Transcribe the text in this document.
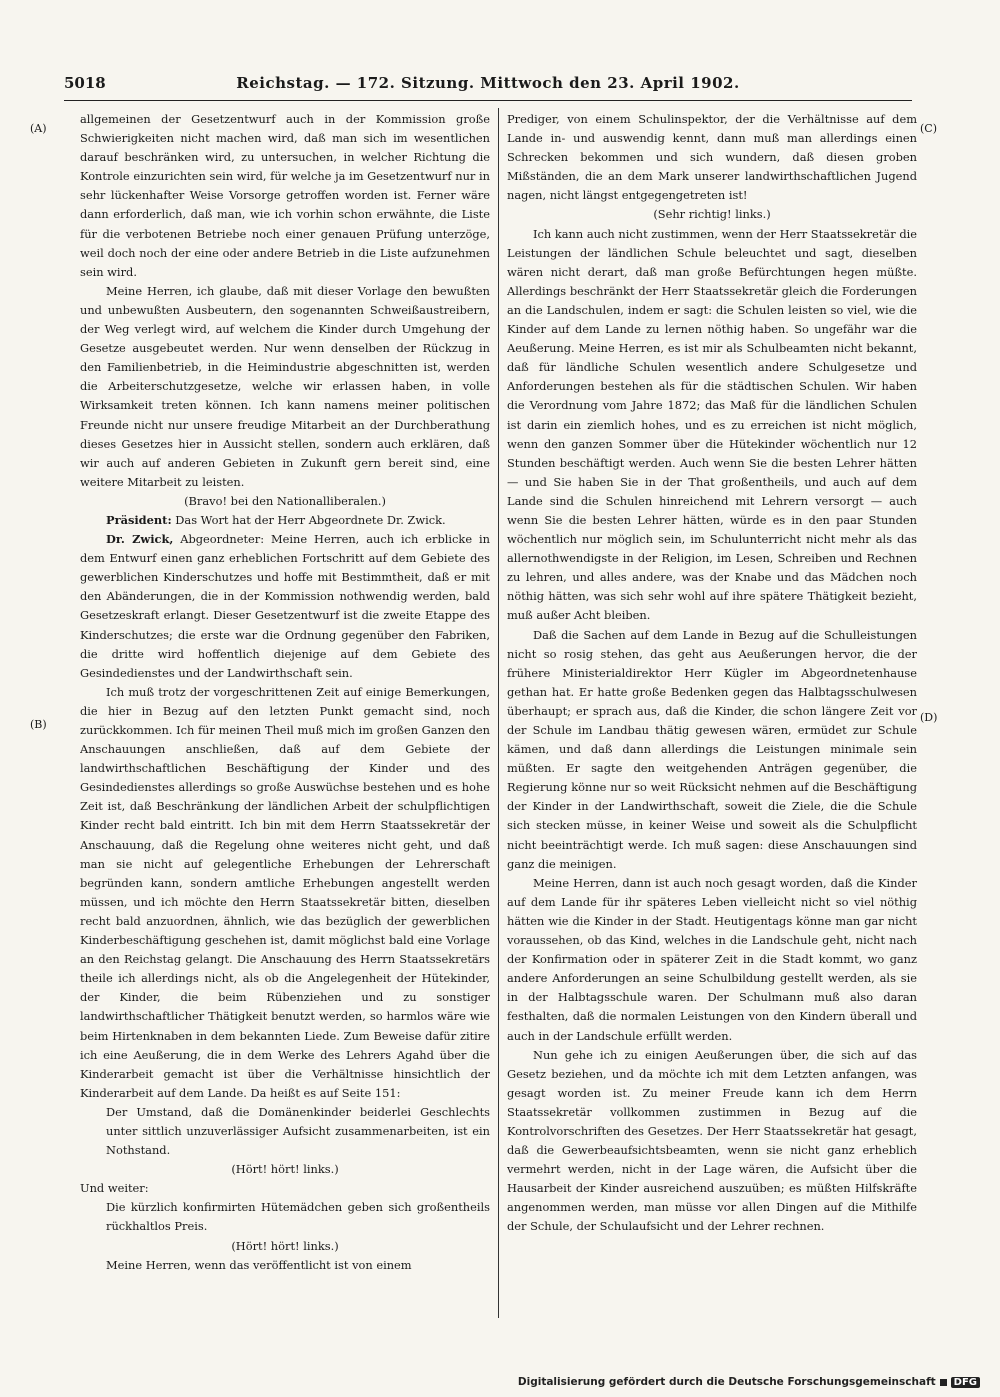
5018	Reichstag. — 172. Sitzung. Mittwoch den 23. April 1902.
(A)
(B)
(C)
(D)

allgemeinen der Gesetzentwurf auch in der Kommission große Schwierigkeiten nicht machen wird, daß man sich im wesentlichen darauf beschränken wird, zu untersuchen, in welcher Richtung die Kontrole einzurichten sein wird, für welche ja im Gesetzentwurf nur in sehr lückenhafter Weise Vorsorge getroffen worden ist. Ferner wäre dann erforderlich, daß man, wie ich vorhin schon erwähnte, die Liste für die verbotenen Betriebe noch einer genauen Prüfung unterzöge, weil doch noch der eine oder andere Betrieb in die Liste aufzunehmen sein wird.

Meine Herren, ich glaube, daß mit dieser Vorlage den bewußten und unbewußten Ausbeutern, den sogenannten Schweißaustreibern, der Weg verlegt wird, auf welchem die Kinder durch Umgehung der Gesetze ausgebeutet werden. Nur wenn denselben der Rückzug in den Familienbetrieb, in die Heimindustrie abgeschnitten ist, werden die Arbeiterschutzgesetze, welche wir erlassen haben, in volle Wirksamkeit treten können. Ich kann namens meiner politischen Freunde nicht nur unsere freudige Mitarbeit an der Durchberathung dieses Gesetzes hier in Aussicht stellen, sondern auch erklären, daß wir auch auf anderen Gebieten in Zukunft gern bereit sind, eine weitere Mitarbeit zu leisten.

(Bravo! bei den Nationalliberalen.)

Präsident: Das Wort hat der Herr Abgeordnete Dr. Zwick.

Dr. Zwick, Abgeordneter: Meine Herren, auch ich erblicke in dem Entwurf einen ganz erheblichen Fortschritt auf dem Gebiete des gewerblichen Kinderschutzes und hoffe mit Bestimmtheit, daß er mit den Abänderungen, die in der Kommission nothwendig werden, bald Gesetzeskraft erlangt. Dieser Gesetzentwurf ist die zweite Etappe des Kinderschutzes; die erste war die Ordnung gegenüber den Fabriken, die dritte wird hoffentlich diejenige auf dem Gebiete des Gesindedienstes und der Landwirthschaft sein.

Ich muß trotz der vorgeschrittenen Zeit auf einige Bemerkungen, die hier in Bezug auf den letzten Punkt gemacht sind, noch zurückkommen. Ich für meinen Theil muß mich im großen Ganzen den Anschauungen anschließen, daß auf dem Gebiete der landwirthschaftlichen Beschäftigung der Kinder und des Gesindedienstes allerdings so große Auswüchse bestehen und es hohe Zeit ist, daß Beschränkung der ländlichen Arbeit der schulpflichtigen Kinder recht bald eintritt. Ich bin mit dem Herrn Staatssekretär der Anschauung, daß die Regelung ohne weiteres nicht geht, und daß man sie nicht auf gelegentliche Erhebungen der Lehrerschaft begründen kann, sondern amtliche Erhebungen angestellt werden müssen, und ich möchte den Herrn Staatssekretär bitten, dieselben recht bald anzuordnen, ähnlich, wie das bezüglich der gewerblichen Kinderbeschäftigung geschehen ist, damit möglichst bald eine Vorlage an den Reichstag gelangt. Die Anschauung des Herrn Staatssekretärs theile ich allerdings nicht, als ob die Angelegenheit der Hütekinder, der Kinder, die beim Rübenziehen und zu sonstiger landwirthschaftlicher Thätigkeit benutzt werden, so harmlos wäre wie beim Hirtenknaben in dem bekannten Liede. Zum Beweise dafür zitire ich eine Aeußerung, die in dem Werke des Lehrers Agahd über die Kinderarbeit gemacht ist über die Verhältnisse hinsichtlich der Kinderarbeit auf dem Lande. Da heißt es auf Seite 151:

Der Umstand, daß die Domänenkinder beiderlei Geschlechts unter sittlich unzuverlässiger Aufsicht zusammenarbeiten, ist ein Nothstand.

(Hört! hört! links.)

Und weiter:

Die kürzlich konfirmirten Hütemädchen geben sich großentheils rückhaltlos Preis.

(Hört! hört! links.)

Meine Herren, wenn das veröffentlicht ist von einem

Prediger, von einem Schulinspektor, der die Verhältnisse auf dem Lande in- und auswendig kennt, dann muß man allerdings einen Schrecken bekommen und sich wundern, daß diesen groben Mißständen, die an dem Mark unserer landwirthschaftlichen Jugend nagen, nicht längst entgegengetreten ist!

(Sehr richtig! links.)

Ich kann auch nicht zustimmen, wenn der Herr Staatssekretär die Leistungen der ländlichen Schule beleuchtet und sagt, dieselben wären nicht derart, daß man große Befürchtungen hegen müßte. Allerdings beschränkt der Herr Staatssekretär gleich die Forderungen an die Landschulen, indem er sagt: die Schulen leisten so viel, wie die Kinder auf dem Lande zu lernen nöthig haben. So ungefähr war die Aeußerung. Meine Herren, es ist mir als Schulbeamten nicht bekannt, daß für ländliche Schulen wesentlich andere Schulgesetze und Anforderungen bestehen als für die städtischen Schulen. Wir haben die Verordnung vom Jahre 1872; das Maß für die ländlichen Schulen ist darin ein ziemlich hohes, und es zu erreichen ist nicht möglich, wenn den ganzen Sommer über die Hütekinder wöchentlich nur 12 Stunden beschäftigt werden. Auch wenn Sie die besten Lehrer hätten — und Sie haben Sie in der That großentheils, und auch auf dem Lande sind die Schulen hinreichend mit Lehrern versorgt — auch wenn Sie die besten Lehrer hätten, würde es in den paar Stunden wöchentlich nur möglich sein, im Schulunterricht nicht mehr als das allernothwendigste in der Religion, im Lesen, Schreiben und Rechnen zu lehren, und alles andere, was der Knabe und das Mädchen noch nöthig hätten, was sich sehr wohl auf ihre spätere Thätigkeit bezieht, muß außer Acht bleiben.

Daß die Sachen auf dem Lande in Bezug auf die Schulleistungen nicht so rosig stehen, das geht aus Aeußerungen hervor, die der frühere Ministerialdirektor Herr Kügler im Abgeordnetenhause gethan hat. Er hatte große Bedenken gegen das Halbtagsschulwesen überhaupt; er sprach aus, daß die Kinder, die schon längere Zeit vor der Schule im Landbau thätig gewesen wären, ermüdet zur Schule kämen, und daß dann allerdings die Leistungen minimale sein müßten. Er sagte den weitgehenden Anträgen gegenüber, die Regierung könne nur so weit Rücksicht nehmen auf die Beschäftigung der Kinder in der Landwirthschaft, soweit die Ziele, die die Schule sich stecken müsse, in keiner Weise und soweit als die Schulpflicht nicht beeinträchtigt werde. Ich muß sagen: diese Anschauungen sind ganz die meinigen.

Meine Herren, dann ist auch noch gesagt worden, daß die Kinder auf dem Lande für ihr späteres Leben vielleicht nicht so viel nöthig hätten wie die Kinder in der Stadt. Heutigentags könne man gar nicht voraussehen, ob das Kind, welches in die Landschule geht, nicht nach der Konfirmation oder in späterer Zeit in die Stadt kommt, wo ganz andere Anforderungen an seine Schulbildung gestellt werden, als sie in der Halbtagsschule waren. Der Schulmann muß also daran festhalten, daß die normalen Leistungen von den Kindern überall und auch in der Landschule erfüllt werden.

Nun gehe ich zu einigen Aeußerungen über, die sich auf das Gesetz beziehen, und da möchte ich mit dem Letzten anfangen, was gesagt worden ist. Zu meiner Freude kann ich dem Herrn Staatssekretär vollkommen zustimmen in Bezug auf die Kontrolvorschriften des Gesetzes. Der Herr Staatssekretär hat gesagt, daß die Gewerbeaufsichtsbeamten, wenn sie nicht ganz erheblich vermehrt werden, nicht in der Lage wären, die Aufsicht über die Hausarbeit der Kinder ausreichend auszuüben; es müßten Hilfskräfte angenommen werden, man müsse vor allen Dingen auf die Mithilfe der Schule, der Schulaufsicht und der Lehrer rechnen.

Digitalisierung gefördert durch die Deutsche Forschungsgemeinschaft	DFG
